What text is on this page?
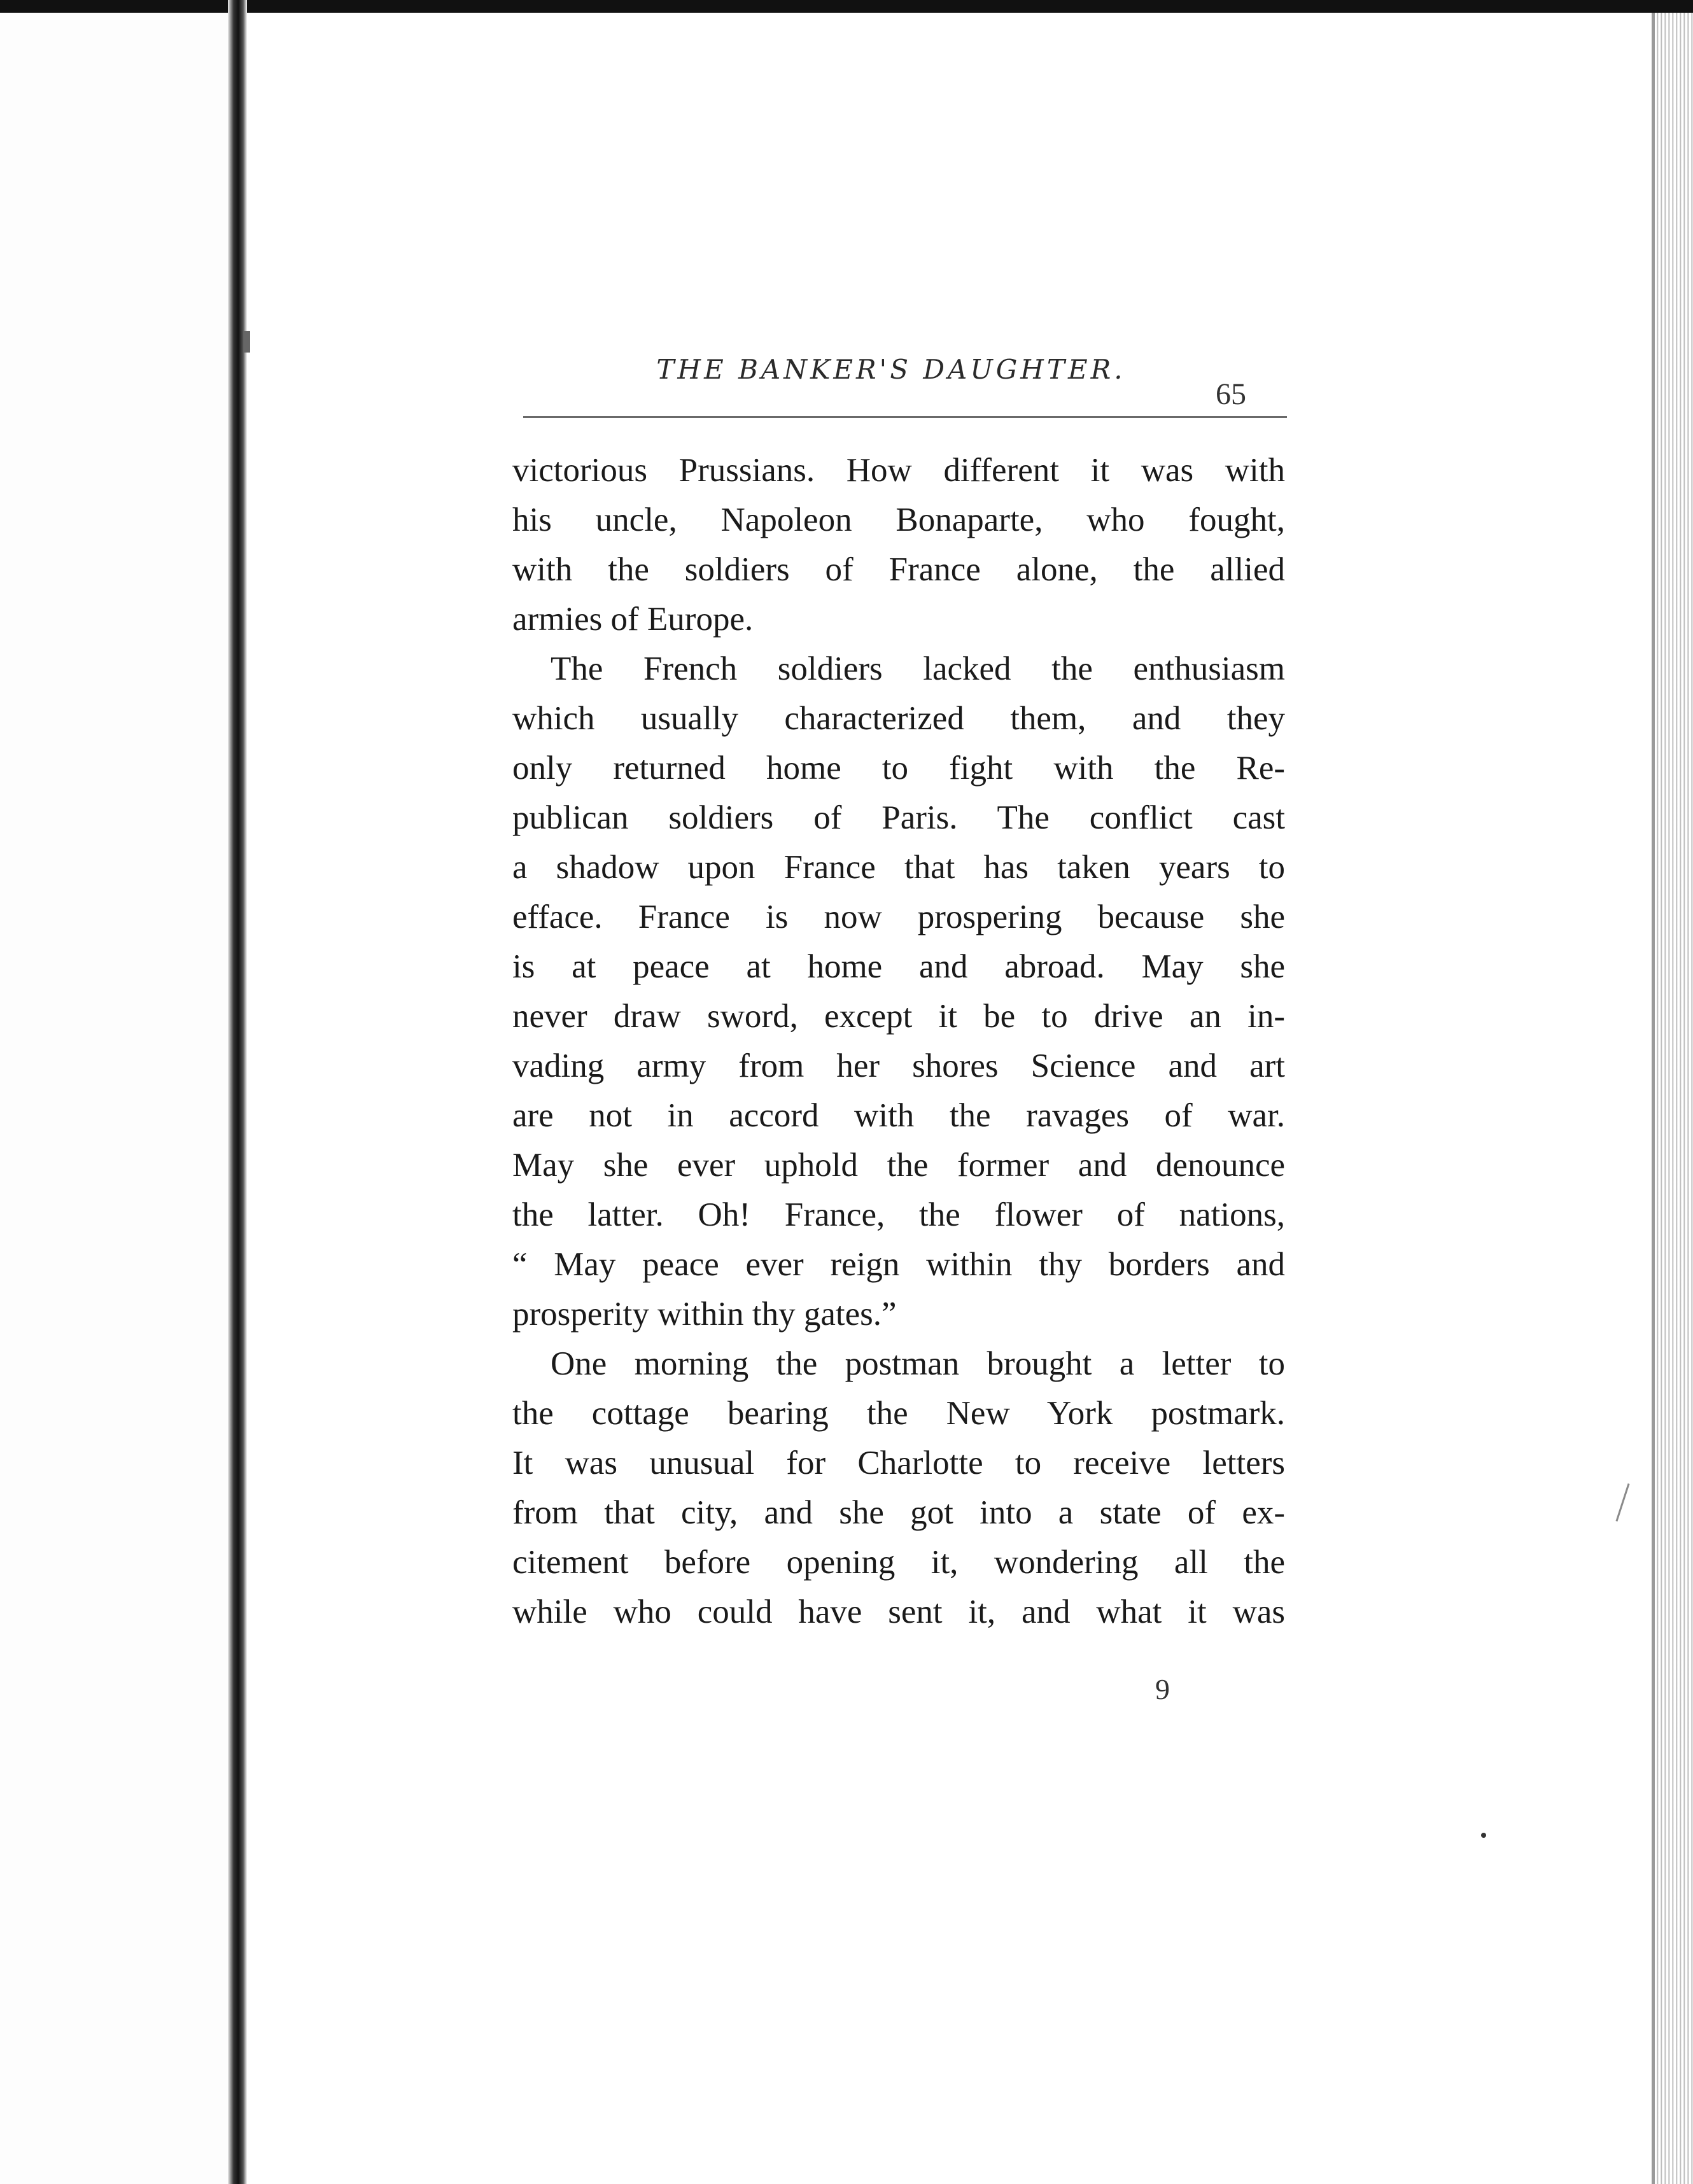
THE BANKER'S DAUGHTER.
65
victorious Prussians. How different it was with
his uncle, Napoleon Bonaparte, who fought,
with the soldiers of France alone, the allied
armies of Europe.
The French soldiers lacked the enthusiasm
which usually characterized them, and they
only returned home to fight with the Re-
publican soldiers of Paris. The conflict cast
a shadow upon France that has taken years to
efface. France is now prospering because she
is at peace at home and abroad. May she
never draw sword, except it be to drive an in-
vading army from her shores Science and art
are not in accord with the ravages of war.
May she ever uphold the former and denounce
the latter. Oh! France, the flower of nations,
“ May peace ever reign within thy borders and
prosperity within thy gates.”
One morning the postman brought a letter to
the cottage bearing the New York postmark.
It was unusual for Charlotte to receive letters
from that city, and she got into a state of ex-
citement before opening it, wondering all the
while who could have sent it, and what it was
9
